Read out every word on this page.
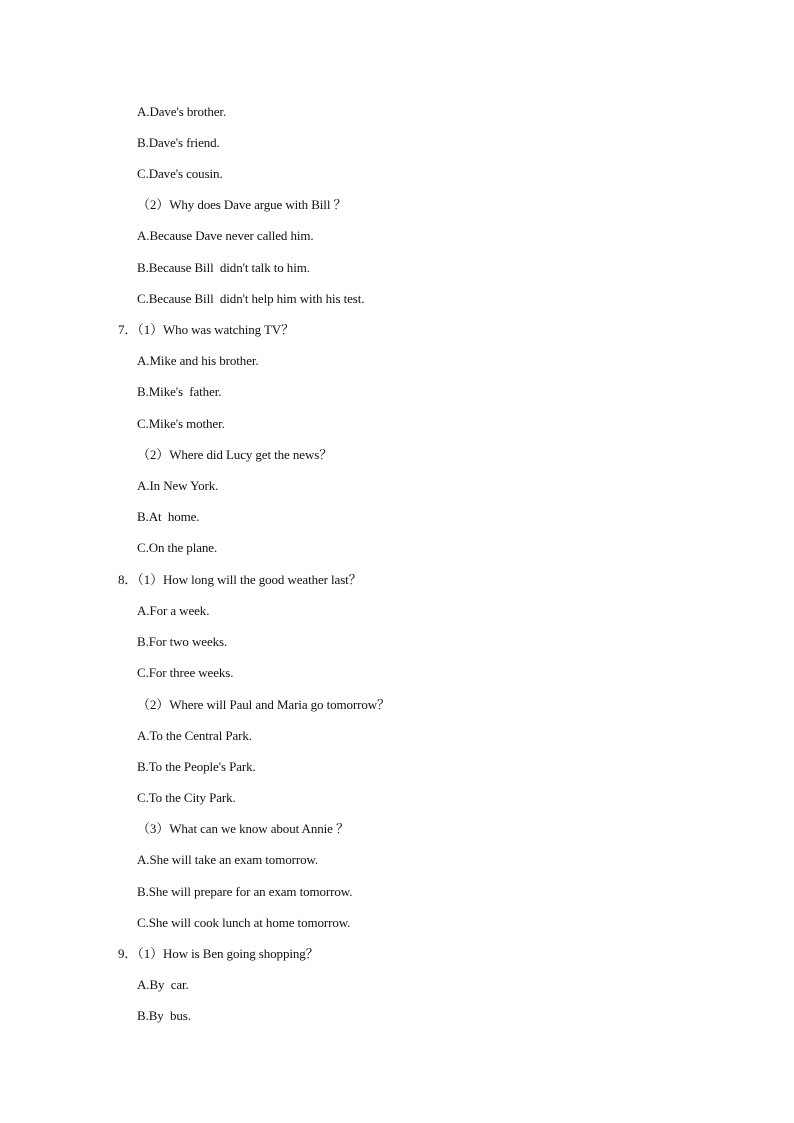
A.Dave's brother.
B.Dave's friend.
C.Dave's cousin.
（2）Why does Dave argue with Bill ？
A.Because Dave never called him.
B.Because Bill  didn't talk to him.
C.Because Bill  didn't help him with his test.
7．（1）Who was watching TV？
A.Mike and his brother.
B.Mike's  father.
C.Mike's mother.
（2）Where did Lucy get the news？
A.In New York.
B.At  home.
C.On the plane.
8．（1）How long will the good weather last？
A.For a week.
B.For two weeks.
C.For three weeks.
（2）Where will Paul and Maria go tomorrow？
A.To the Central Park.
B.To the People's Park.
C.To the City Park.
（3）What can we know about Annie ？
A.She will take an exam tomorrow.
B.She will prepare for an exam tomorrow.
C.She will cook lunch at home tomorrow.
9．（1）How is Ben going shopping？
A.By  car.
B.By  bus.
